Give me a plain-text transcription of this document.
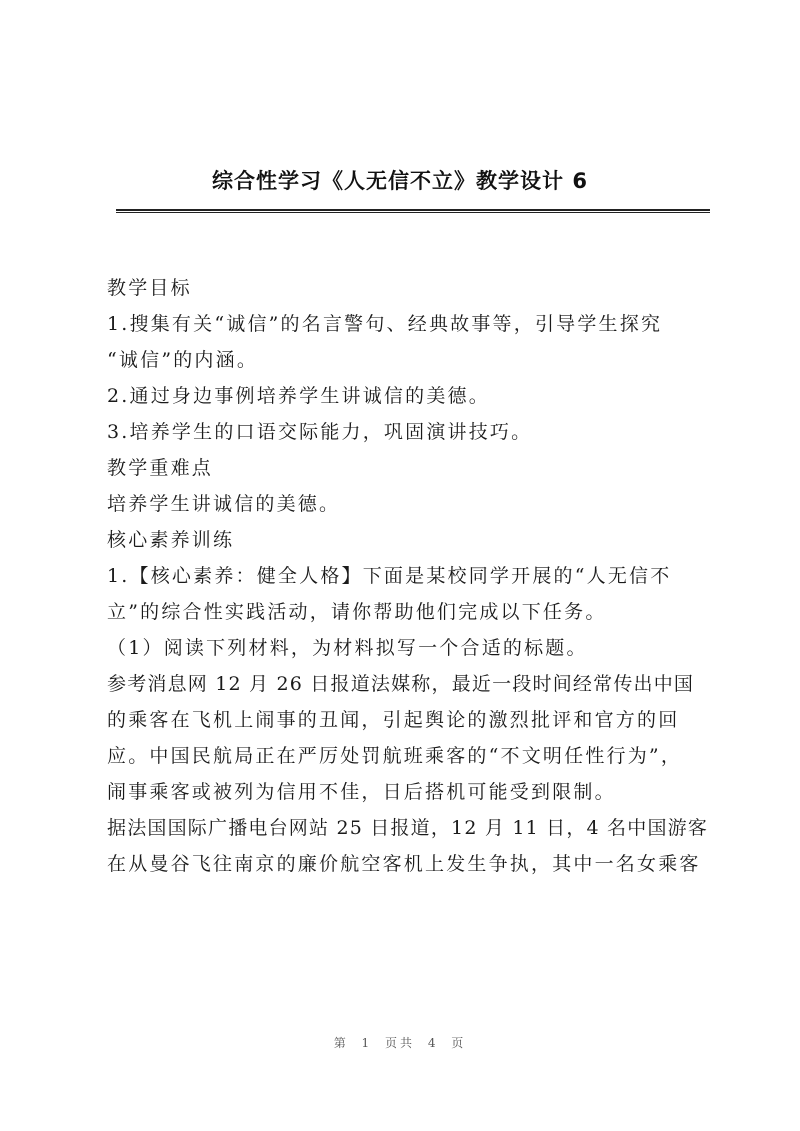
综合性学习《人无信不立》教学设计 6
教学目标
1.搜集有关“诚信”的名言警句、经典故事等，引导学生探究
“诚信”的内涵。
2.通过身边事例培养学生讲诚信的美德。
3.培养学生的口语交际能力，巩固演讲技巧。
教学重难点
培养学生讲诚信的美德。
核心素养训练
1.【核心素养：健全人格】下面是某校同学开展的“人无信不
立”的综合性实践活动，请你帮助他们完成以下任务。
（1）阅读下列材料，为材料拟写一个合适的标题。
参考消息网 12 月 26 日报道法媒称，最近一段时间经常传出中国
的乘客在飞机上闹事的丑闻，引起舆论的激烈批评和官方的回
应。中国民航局正在严厉处罚航班乘客的“不文明任性行为”，
闹事乘客或被列为信用不佳，日后搭机可能受到限制。
据法国国际广播电台网站 25 日报道，12 月 11 日，4 名中国游客
在从曼谷飞往南京的廉价航空客机上发生争执，其中一名女乘客
第 1 页共 4 页
